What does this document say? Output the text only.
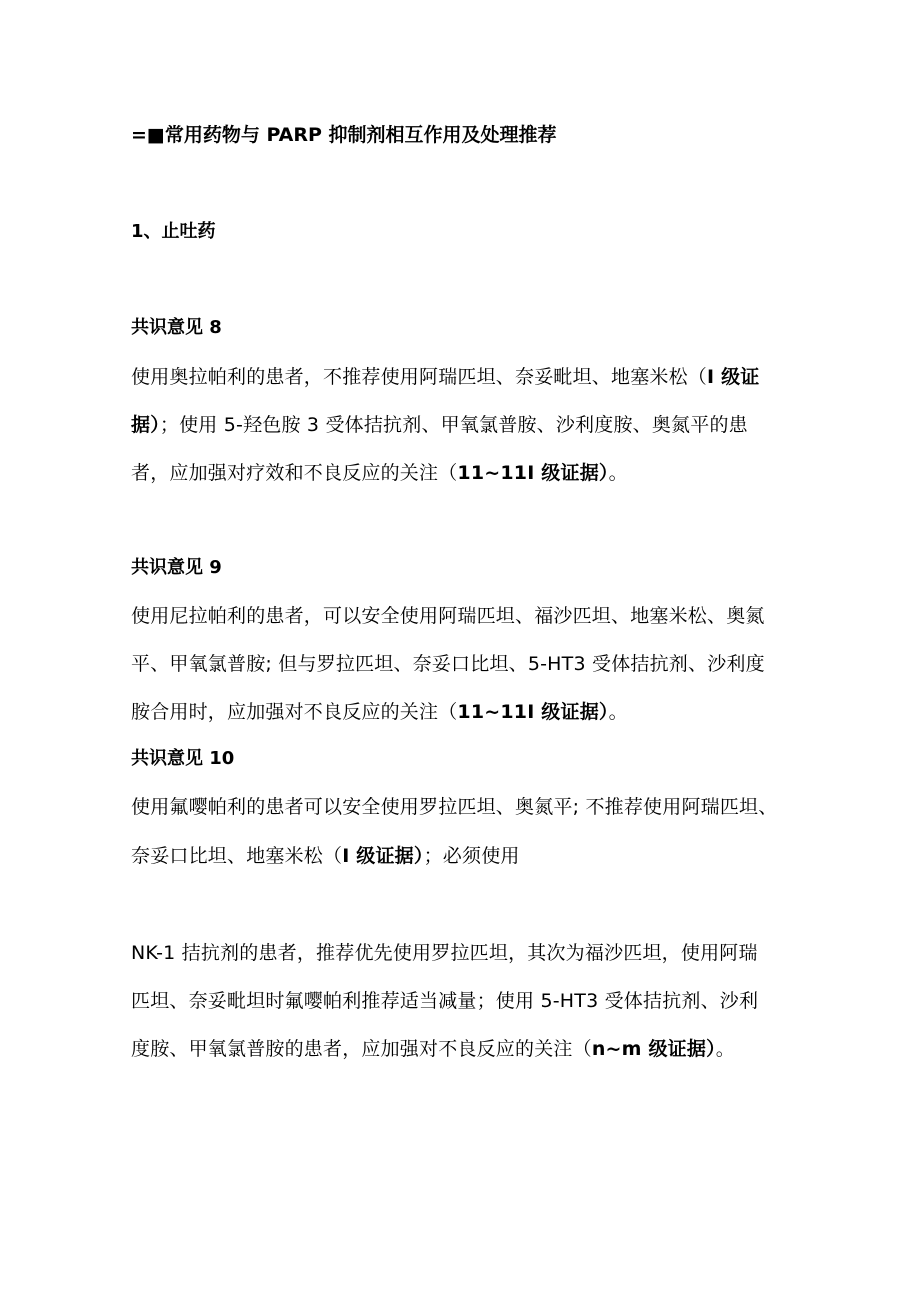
=■常用药物与 PARP 抑制剂相互作用及处理推荐
1、止吐药
共识意见 8
使用奥拉帕利的患者，不推荐使用阿瑞匹坦、奈妥毗坦、地塞米松（I 级证
据）；使用 5-羟色胺 3 受体拮抗剂、甲氧氯普胺、沙利度胺、奥氮平的患
者，应加强对疗效和不良反应的关注（11~11I 级证据）。
共识意见 9
使用尼拉帕利的患者，可以安全使用阿瑞匹坦、福沙匹坦、地塞米松、奥氮
平、甲氧氯普胺; 但与罗拉匹坦、奈妥口比坦、5-HT3 受体拮抗剂、沙利度
胺合用时，应加强对不良反应的关注（11~11I 级证据）。
共识意见 10
使用氟嘤帕利的患者可以安全使用罗拉匹坦、奥氮平; 不推荐使用阿瑞匹坦、
奈妥口比坦、地塞米松（I 级证据）；必须使用
NK-1 拮抗剂的患者，推荐优先使用罗拉匹坦，其次为福沙匹坦，使用阿瑞
匹坦、奈妥毗坦时氟嘤帕利推荐适当减量；使用 5-HT3 受体拮抗剂、沙利
度胺、甲氧氯普胺的患者，应加强对不良反应的关注（n~m 级证据）。
